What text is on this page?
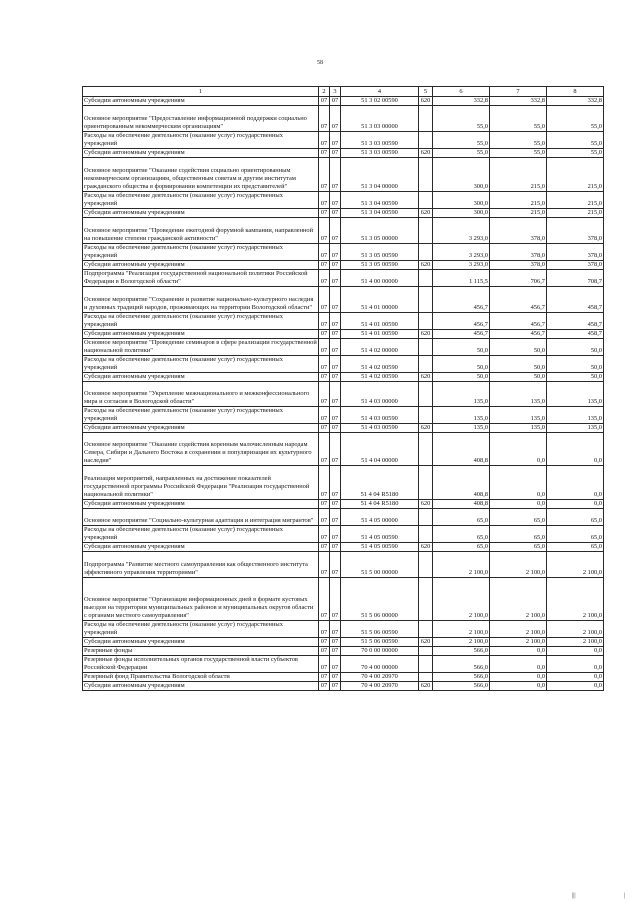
58
1	2	3	4	5	6	7	8
Субсидии автономным учреждениям	07	07	51 3 02 00590	620	332,8	332,8	332,8
Основное мероприятие "Предоставление информационной поддержки социально ориентированным некоммерческим организациям"	07	07	51 3 03 00000		55,0	55,0	55,0
Расходы на обеспечение деятельности (оказание услуг) государственных учреждений	07	07	51 3 03 00590		55,0	55,0	55,0
Субсидии автономным учреждениям	07	07	51 3 03 00590	620	55,0	55,0	55,0
Основное мероприятие "Оказание содействия социально ориентированным некоммерческим организациям, общественным советам и другим институтам гражданского общества в формировании компетенции их представителей"	07	07	51 3 04 00000		300,0	215,0	215,0
Расходы на обеспечение деятельности (оказание услуг) государственных учреждений	07	07	51 3 04 00590		300,0	215,0	215,0
Субсидии автономным учреждениям	07	07	51 3 04 00590	620	300,0	215,0	215,0
Основное мероприятие "Проведение ежегодной форумной кампании, направленной на повышение степени гражданской активности"	07	07	51 3 05 00000		3 293,0	378,0	378,0
Расходы на обеспечение деятельности (оказание услуг) государственных учреждений	07	07	51 3 05 00590		3 293,0	378,0	378,0
Субсидии автономным учреждениям	07	07	51 3 05 00590	620	3 293,0	378,0	378,0
Подпрограмма "Реализация государственной национальной политики Российской Федерации в Вологодской области"	07	07	51 4 00 00000		1 115,5	706,7	708,7
Основное мероприятие "Сохранение и развитие национально-культурного наследия и духовных традиций народов, проживающих на территории Вологодской области"	07	07	51 4 01 00000		456,7	456,7	458,7
Расходы на обеспечение деятельности (оказание услуг) государственных учреждений	07	07	51 4 01 00590		456,7	456,7	458,7
Субсидии автономным учреждениям	07	07	51 4 01 00590	620	456,7	456,7	458,7
Основное мероприятие "Проведение семинаров в сфере реализации государственной национальной политики"	07	07	51 4 02 00000		50,0	50,0	50,0
Расходы на обеспечение деятельности (оказание услуг) государственных учреждений	07	07	51 4 02 00590		50,0	50,0	50,0
Субсидии автономным учреждениям	07	07	51 4 02 00590	620	50,0	50,0	50,0
Основное мероприятие "Укрепление межнационального и межконфессионального мира и согласия в Вологодской области"	07	07	51 4 03 00000		135,0	135,0	135,0
Расходы на обеспечение деятельности (оказание услуг) государственных учреждений	07	07	51 4 03 00590		135,0	135,0	135,0
Субсидии автономным учреждениям	07	07	51 4 03 00590	620	135,0	135,0	135,0
Основное мероприятие "Оказание содействия коренным малочисленным народам Севера, Сибири и Дальнего Востока в сохранении и популяризации их культурного наследия"	07	07	51 4 04 00000		408,8	0,0	0,0
Реализация мероприятий, направленных на достижение показателей государственной программы Российской Федерации "Реализация государственной национальной политики"	07	07	51 4 04 R5180		408,8	0,0	0,0
Субсидии автономным учреждениям	07	07	51 4 04 R5180	620	408,8	0,0	0,0
Основное мероприятие "Социально-культурная адаптация и интеграция мигрантов"	07	07	51 4 05 00000		65,0	65,0	65,0
Расходы на обеспечение деятельности (оказание услуг) государственных учреждений	07	07	51 4 05 00590		65,0	65,0	65,0
Субсидии автономным учреждениям	07	07	51 4 05 00590	620	65,0	65,0	65,0
Подпрограмма "Развитие местного самоуправления как общественного института эффективного управления территориями"	07	07	51 5 00 00000		2 100,0	2 100,0	2 100,0
Основное мероприятие "Организация информационных дней в формате кустовых выездов на территории муниципальных районов и муниципальных округов области с органами местного самоуправления"	07	07	51 5 06 00000		2 100,0	2 100,0	2 100,0
Расходы на обеспечение деятельности (оказание услуг) государственных учреждений	07	07	51 5 06 00590		2 100,0	2 100,0	2 100,0
Субсидии автономным учреждениям	07	07	51 5 06 00590	620	2 100,0	2 100,0	2 100,0
Резервные фонды	07	07	70 0 00 00000		566,0	0,0	0,0
Резервные фонды исполнительных органов государственной власти субъектов Российской Федерации	07	07	70 4 00 00000		566,0	0,0	0,0
Резервный фонд Правительства Вологодской области	07	07	70 4 00 20970		566,0	0,0	0,0
Субсидии автономным учреждениям	07	07	70 4 00 20970	620	566,0	0,0	0,0
|||	|
